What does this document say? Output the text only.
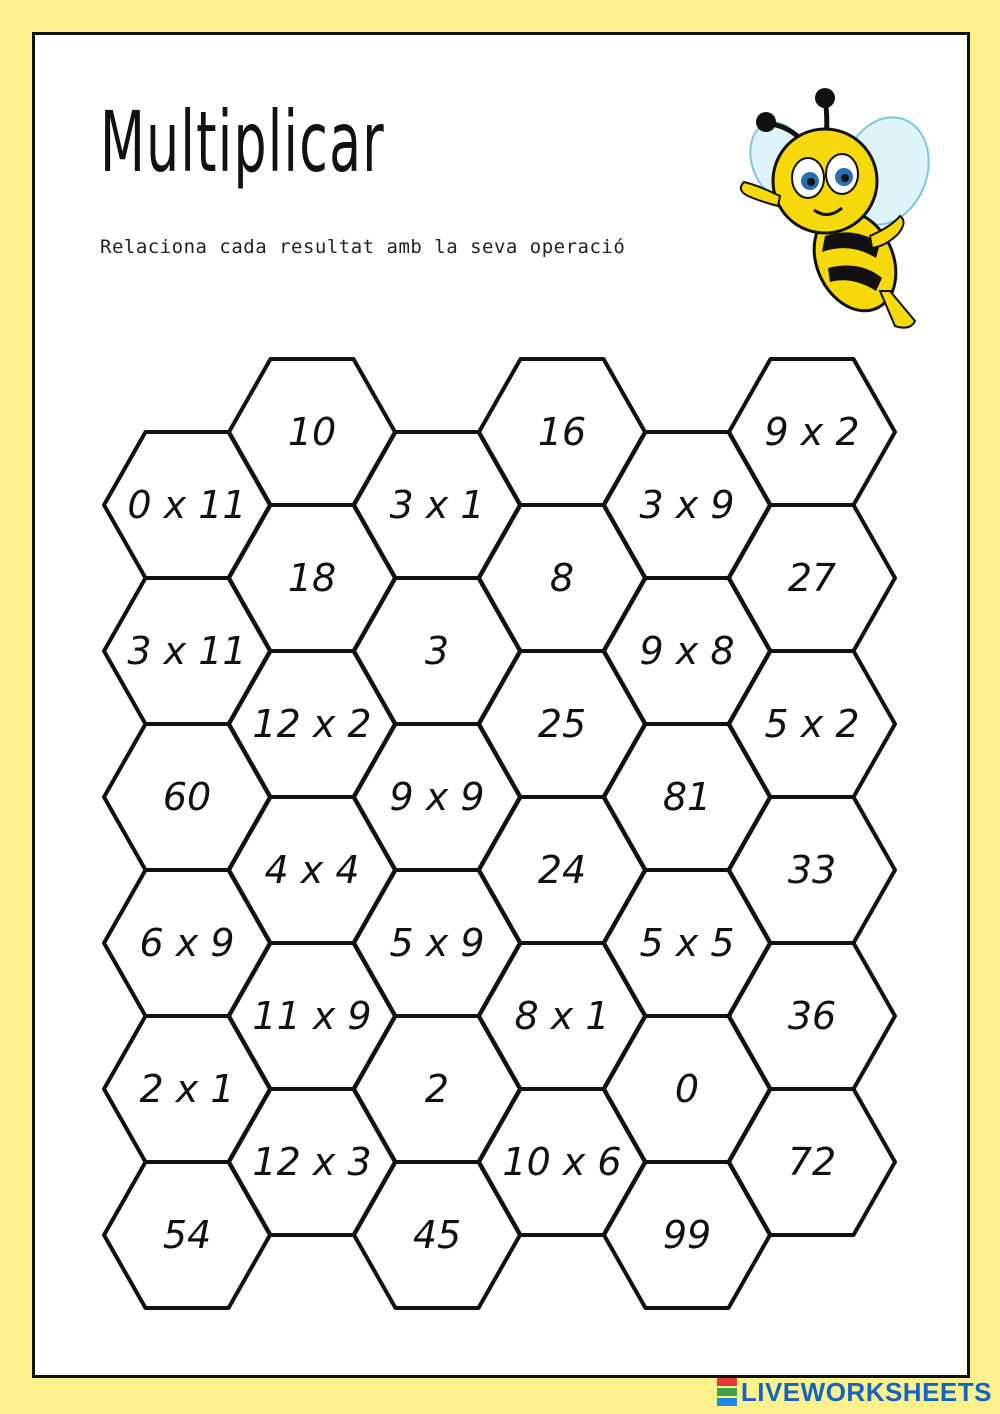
Multiplicar
Relaciona cada resultat amb la seva operació
0 x 11
3 x 11
60
6 x 9
2 x 1
54
10
18
12 x 2
4 x 4
11 x 9
12 x 3
3 x 1
3
9 x 9
5 x 9
2
45
16
8
25
24
8 x 1
10 x 6
3 x 9
9 x 8
81
5 x 5
0
99
9 x 2
27
5 x 2
33
36
72
LIVEWORKSHEETS
